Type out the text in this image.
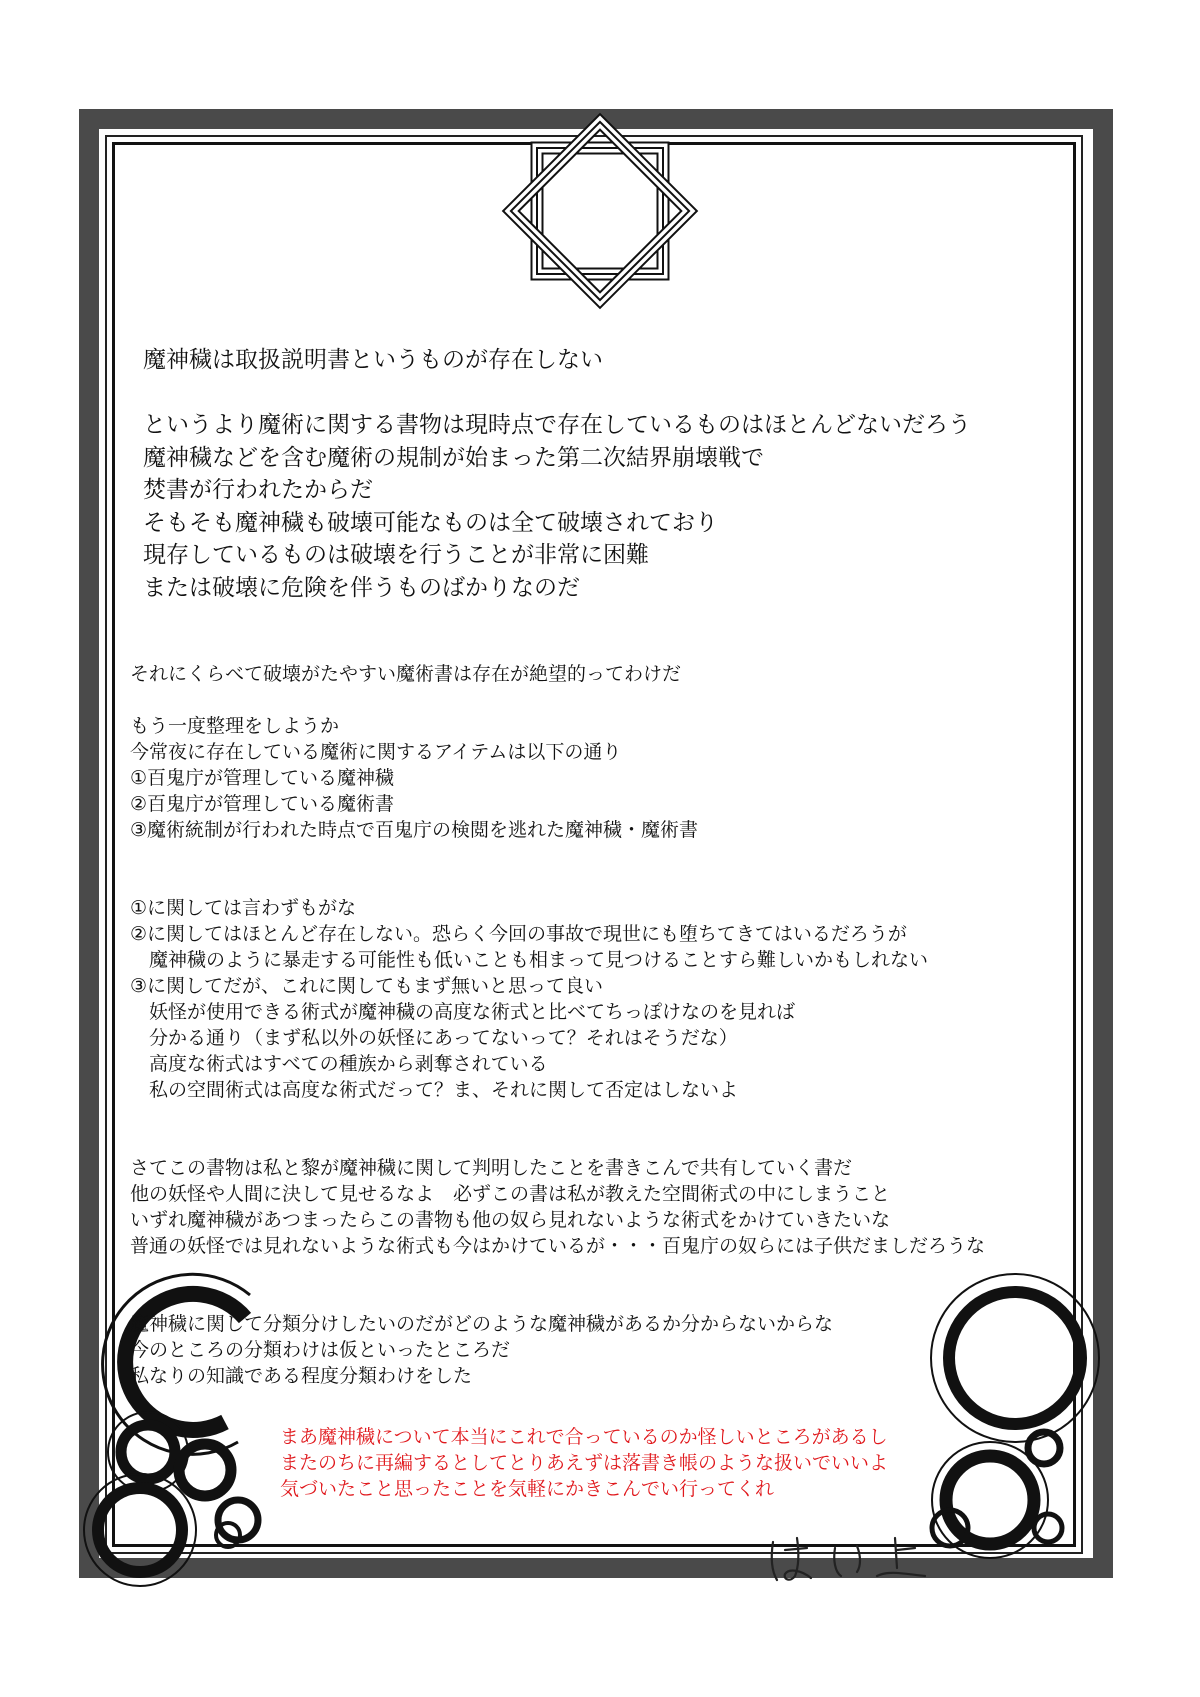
魔神穢は取扱説明書というものが存在しない

というより魔術に関する書物は現時点で存在しているものはほとんどないだろう
魔神穢などを含む魔術の規制が始まった第二次結界崩壊戦で
焚書が行われたからだ
そもそも魔神穢も破壊可能なものは全て破壊されており
現存しているものは破壊を行うことが非常に困難
または破壊に危険を伴うものばかりなのだ
それにくらべて破壊がたやすい魔術書は存在が絶望的ってわけだ

もう一度整理をしようか
今常夜に存在している魔術に関するアイテムは以下の通り
①百鬼庁が管理している魔神穢
②百鬼庁が管理している魔術書
③魔術統制が行われた時点で百鬼庁の検閲を逃れた魔神穢・魔術書

①に関しては言わずもがな
②に関してはほとんど存在しない。恐らく今回の事故で現世にも堕ちてきてはいるだろうが
　魔神穢のように暴走する可能性も低いことも相まって見つけることすら難しいかもしれない
③に関してだが、これに関してもまず無いと思って良い
　妖怪が使用できる術式が魔神穢の高度な術式と比べてちっぽけなのを見れば
　分かる通り（まず私以外の妖怪にあってないって？それはそうだな）
　高度な術式はすべての種族から剥奪されている
　私の空間術式は高度な術式だって？ま、それに関して否定はしないよ

さてこの書物は私と黎が魔神穢に関して判明したことを書きこんで共有していく書だ
他の妖怪や人間に決して見せるなよ　必ずこの書は私が教えた空間術式の中にしまうこと
いずれ魔神穢があつまったらこの書物も他の奴ら見れないような術式をかけていきたいな
普通の妖怪では見れないような術式も今はかけているが・・・百鬼庁の奴らには子供だましだろうな

魔神穢に関して分類分けしたいのだがどのような魔神穢があるか分からないからな
今のところの分類わけは仮といったところだ
私なりの知識である程度分類わけをした
まあ魔神穢について本当にこれで合っているのか怪しいところがあるし
またのちに再編するとしてとりあえずは落書き帳のような扱いでいいよ
気づいたこと思ったことを気軽にかきこんでい行ってくれ
